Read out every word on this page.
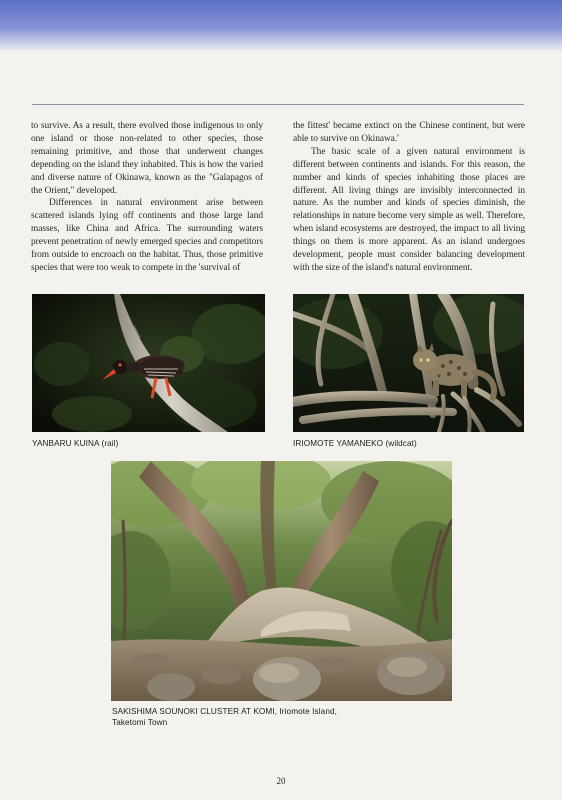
to survive. As a result, there evolved those indigenous to only one island or those non-related to other species, those remaining primitive, and those that underwent changes depending on the island they inhabited. This is how the varied and diverse nature of Okinawa, known as the "Galapagos of the Orient," developed.

Differences in natural environment arise between scattered islands lying off continents and those large land masses, like China and Africa. The surrounding waters prevent penetration of newly emerged species and competitors from outside to encroach on the habitat. Thus, those primitive species that were too weak to compete in the 'survival of

the fittest' became extinct on the Chinese continent, but were able to survive on Okinawa.'

The basic scale of a given natural environment is different between continents and islands. For this reason, the number and kinds of species inhabiting those places are different. All living things are invisibly interconnected in nature. As the number and kinds of species diminish, the relationships in nature become very simple as well. Therefore, when island ecosystems are destroyed, the impact to all living things on them is more apparent. As an island undergoes development, people must consider balancing development with the size of the island's natural environment.

YANBARU KUINA (rail)	IRIOMOTE YAMANEKO (wildcat)
SAKISHIMA SOUNOKI CLUSTER AT KOMI, Iriomote Island, Taketomi Town
20
